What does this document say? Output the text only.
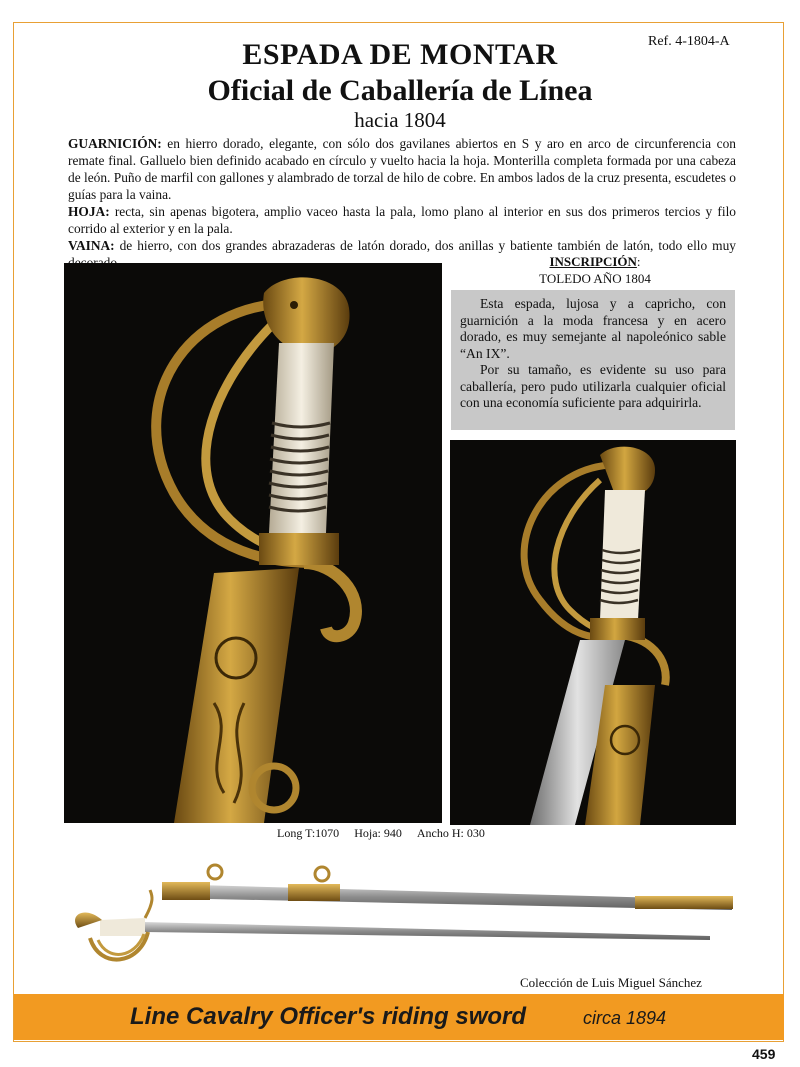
Ref. 4-1804-A
ESPADA DE MONTAR
Oficial de Caballería de Línea
hacia 1804

GUARNICIÓN: en hierro dorado, elegante, con sólo dos gavilanes abiertos en S y aro en arco de circunferencia con remate final. Galluelo bien definido acabado en círculo y vuelto hacia la hoja. Monterilla completa formada por una cabeza de león. Puño de marfil con gallones y alambrado de torzal de hilo de cobre. En ambos lados de la cruz presenta, escudetes o guías para la vaina.

HOJA: recta, sin apenas bigotera, amplio vaceo hasta la pala, lomo plano al interior en sus dos primeros tercios y filo corrido al exterior y en la pala.

VAINA: de hierro, con dos grandes abrazaderas de latón dorado, dos anillas y batiente también de latón, todo ello muy

INSCRIPCIÓN:
TOLEDO AÑO 1804

Esta espada, lujosa y a capricho, con guarnición a la moda francesa y en acero dorado, es muy semejante al napoleónico sable “An IX”.

Por su tamaño, es evidente su uso para caballería, pero pudo utilizarla cualquier oficial con una economía suficiente para adquirirla.

Long T:1070 Hoja: 940 Ancho H: 030
Colección de Luis Miguel Sánchez
Line Cavalry Officer's riding sword	circa 1894
459
